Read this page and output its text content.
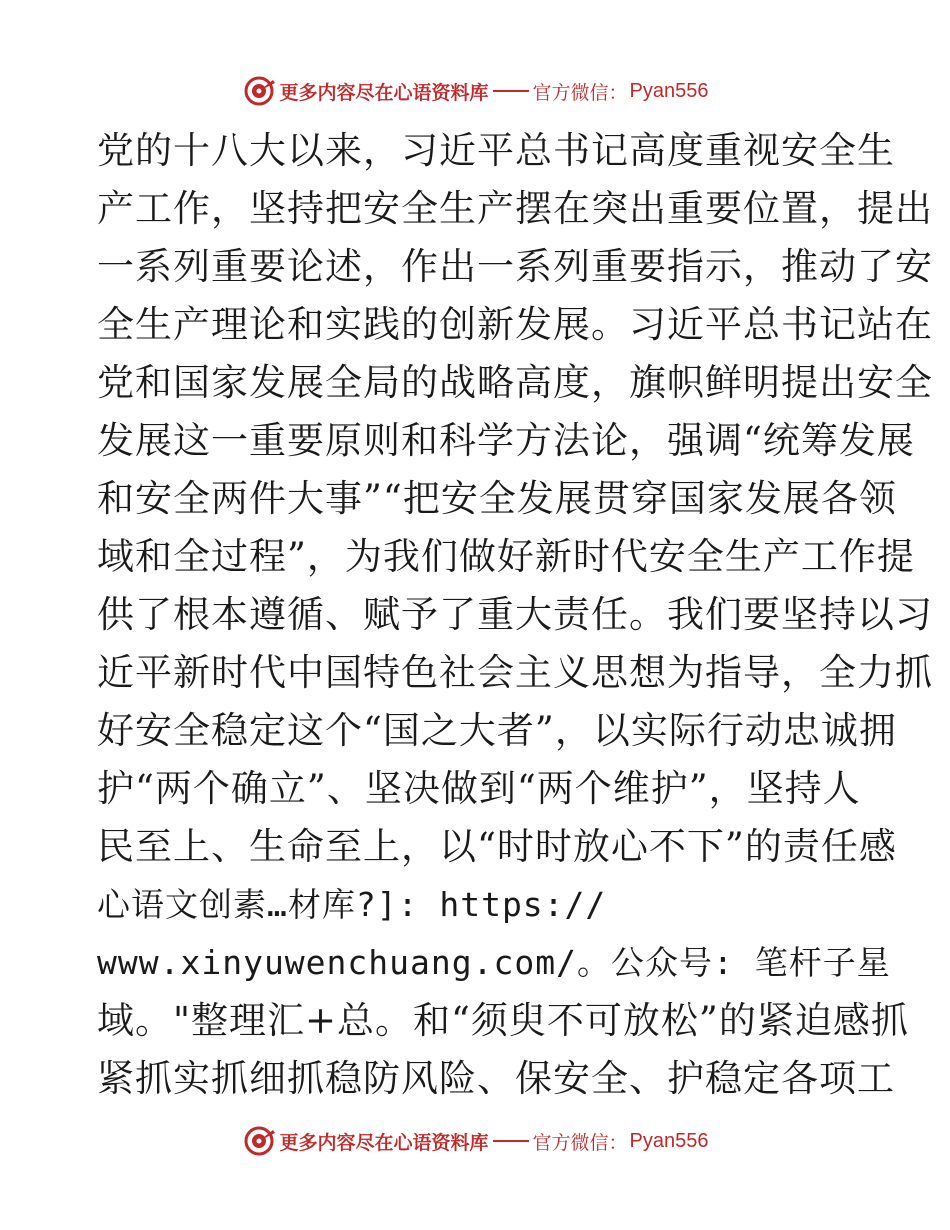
更多内容尽在心语资料库 官方微信： Pyan556
党的十八大以来，习近平总书记高度重视安全生
产工作，坚持把安全生产摆在突出重要位置，提出
一系列重要论述，作出一系列重要指示，推动了安
全生产理论和实践的创新发展。习近平总书记站在
党和国家发展全局的战略高度，旗帜鲜明提出安全
发展这一重要原则和科学方法论，强调“统筹发展
和安全两件大事”“把安全发展贯穿国家发展各领
域和全过程”，为我们做好新时代安全生产工作提
供了根本遵循、赋予了重大责任。我们要坚持以习
近平新时代中国特色社会主义思想为指导，全力抓
好安全稳定这个“国之大者”，以实际行动忠诚拥
护“两个确立”、坚决做到“两个维护”，坚持人
民至上、生命至上，以“时时放心不下”的责任感
心语文创素…材库?]: https://
www.xinyuwenchuang.com/。公众号: 笔杆子星
域。"整理汇+总。和“须臾不可放松”的紧迫感抓
紧抓实抓细抓稳防风险、保安全、护稳定各项工
更多内容尽在心语资料库 官方微信： Pyan556
